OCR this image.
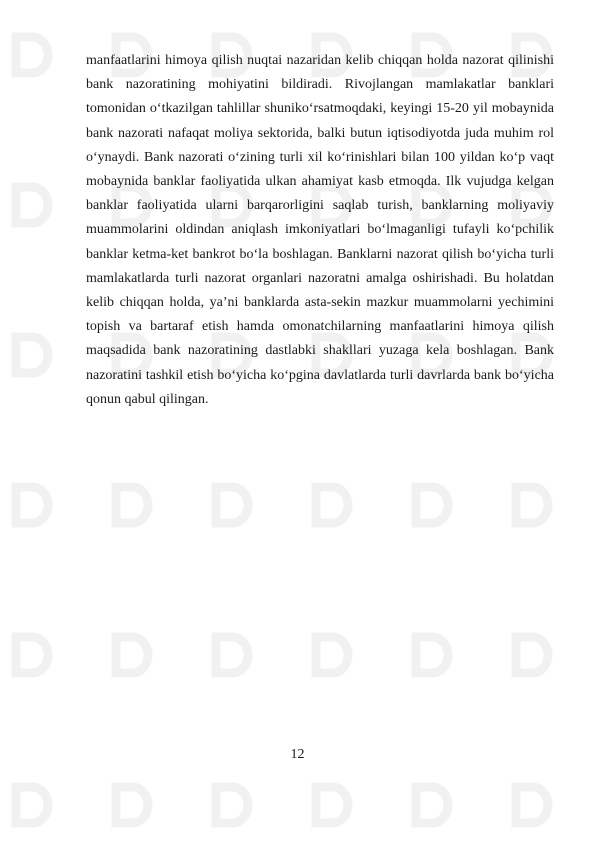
manfaatlarini himoya qilish nuqtai nazaridan kelib chiqqan holda nazorat qilinishi bank nazoratining mohiyatini bildiradi. Rivojlangan mamlakatlar banklari tomonidan o‘tkazilgan tahlillar shuniko‘rsatmoqdaki, keyingi 15-20 yil mobaynida bank nazorati nafaqat moliya sektorida, balki butun iqtisodiyotda juda muhim rol o‘ynaydi. Bank nazorati o‘zining turli xil ko‘rinishlari bilan 100 yildan ko‘p vaqt mobaynida banklar faoliyatida ulkan ahamiyat kasb etmoqda. Ilk vujudga kelgan banklar faoliyatida ularni barqarorligini saqlab turish, banklarning moliyaviy muammolarini oldindan aniqlash imkoniyatlari bo‘lmaganligi tufayli ko‘pchilik banklar ketma-ket bankrot bo‘la boshlagan. Banklarni nazorat qilish bo‘yicha turli mamlakatlarda turli nazorat organlari nazoratni amalga oshirishadi. Bu holatdan kelib chiqqan holda, ya’ni banklarda asta-sekin mazkur muammolarni yechimini topish va bartaraf etish hamda omonatchilarning manfaatlarini himoya qilish maqsadida bank nazoratining dastlabki shakllari yuzaga kela boshlagan. Bank nazoratini tashkil etish bo‘yicha ko‘pgina davlatlarda turli davrlarda bank bo‘yicha qonun qabul qilingan.

12
